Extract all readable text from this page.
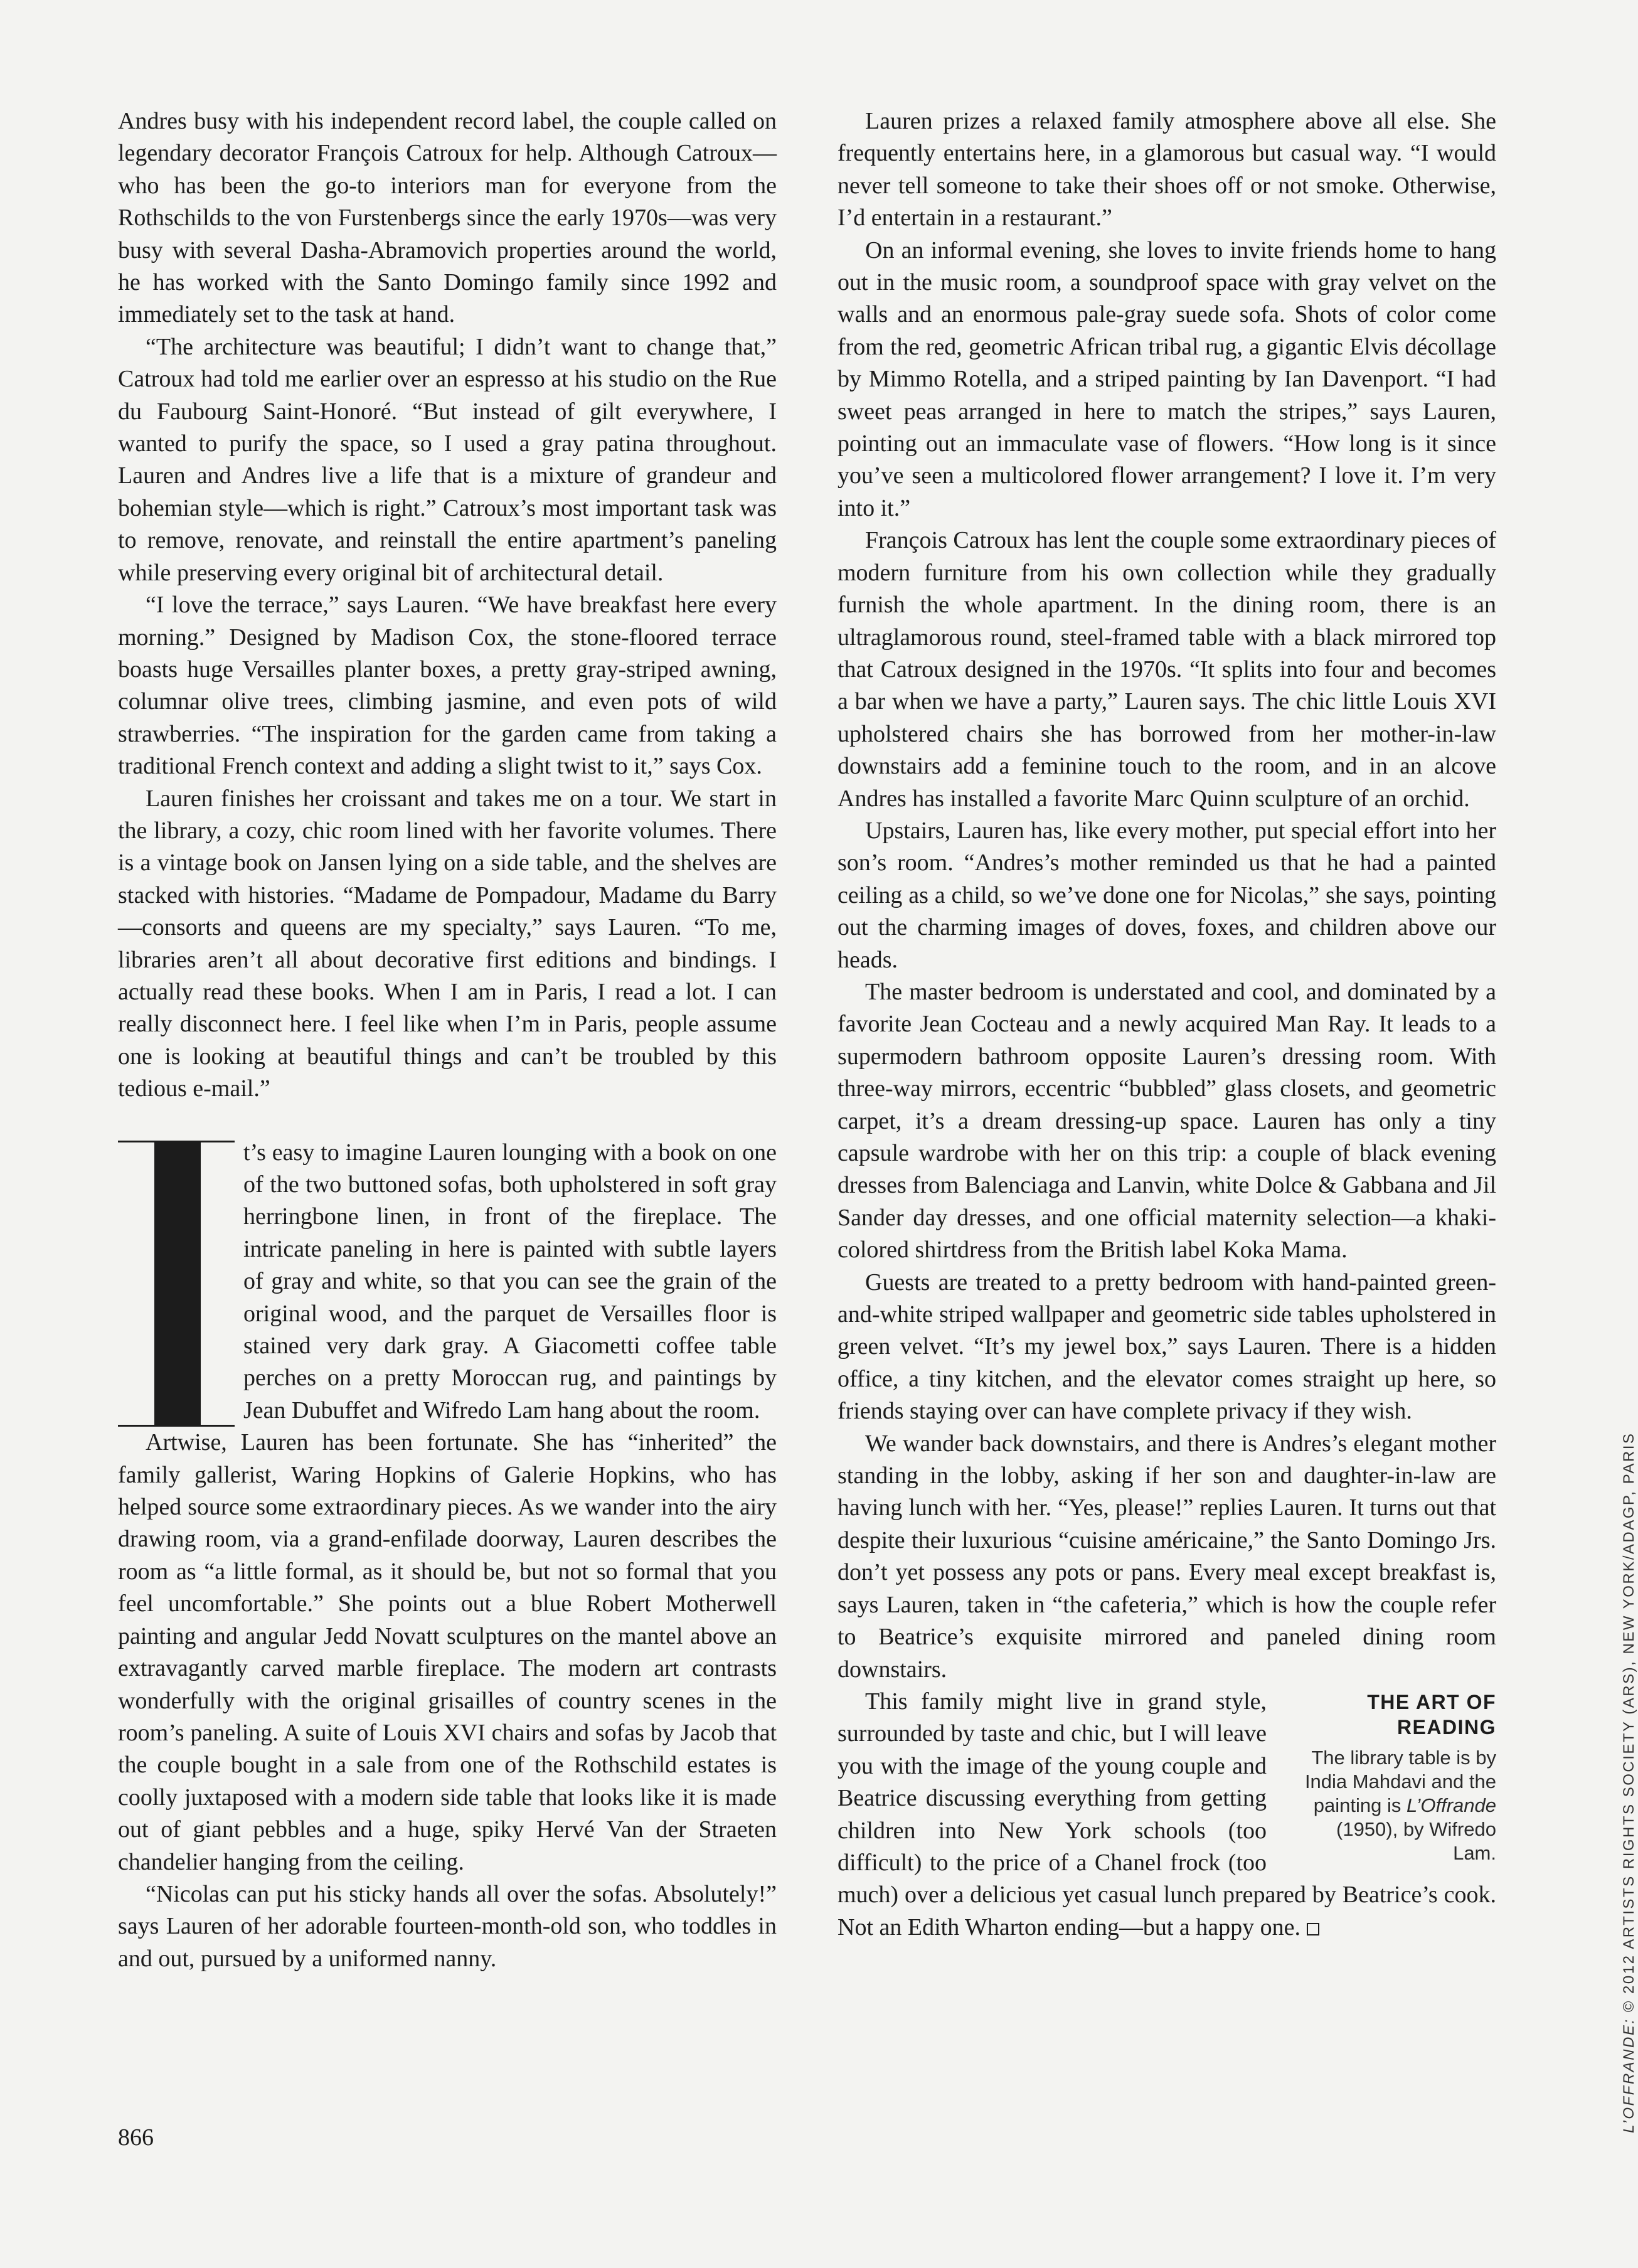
Andres busy with his independent record label, the couple called on legendary decorator François Catroux for help. Although Catroux—who has been the go-to interiors man for everyone from the Rothschilds to the von Furstenbergs since the early 1970s—was very busy with several Dasha-Abramovich properties around the world, he has worked with the Santo Domingo family since 1992 and immediately set to the task at hand.

“The architecture was beautiful; I didn’t want to change that,” Catroux had told me earlier over an espresso at his studio on the Rue du Faubourg Saint-Honoré. “But instead of gilt everywhere, I wanted to purify the space, so I used a gray patina throughout. Lauren and Andres live a life that is a mixture of grandeur and bohemian style—which is right.” Catroux’s most important task was to remove, renovate, and reinstall the entire apartment’s paneling while preserving every original bit of architectural detail.

“I love the terrace,” says Lauren. “We have breakfast here every morning.” Designed by Madison Cox, the stone-floored terrace boasts huge Versailles planter boxes, a pretty gray-striped awning, columnar olive trees, climbing jasmine, and even pots of wild strawberries. “The inspiration for the garden came from taking a traditional French context and adding a slight twist to it,” says Cox.

Lauren finishes her croissant and takes me on a tour. We start in the library, a cozy, chic room lined with her favorite volumes. There is a vintage book on Jansen lying on a side table, and the shelves are stacked with histories. “Madame de Pompadour, Madame du Barry—consorts and queens are my specialty,” says Lauren. “To me, libraries aren’t all about decorative first editions and bindings. I actually read these books. When I am in Paris, I read a lot. I can really disconnect here. I feel like when I’m in Paris, people assume one is looking at beautiful things and can’t be troubled by this tedious e-mail.”

t’s easy to imagine Lauren lounging with a book on one of the two buttoned sofas, both upholstered in soft gray herringbone linen, in front of the fireplace. The intricate paneling in here is painted with subtle layers of gray and white, so that you can see the grain of the original wood, and the parquet de Versailles floor is stained very dark gray. A Giacometti coffee table perches on a pretty Moroccan rug, and paintings by Jean Dubuffet and Wifredo Lam hang about the room.

Artwise, Lauren has been fortunate. She has “inherited” the family gallerist, Waring Hopkins of Galerie Hopkins, who has helped source some extraordinary pieces. As we wander into the airy drawing room, via a grand-enfilade doorway, Lauren describes the room as “a little formal, as it should be, but not so formal that you feel uncomfortable.” She points out a blue Robert Motherwell painting and angular Jedd Novatt sculptures on the mantel above an extravagantly carved marble fireplace. The modern art contrasts wonderfully with the original grisailles of country scenes in the room’s paneling. A suite of Louis XVI chairs and sofas by Jacob that the couple bought in a sale from one of the Rothschild estates is coolly juxtaposed with a modern side table that looks like it is made out of giant pebbles and a huge, spiky Hervé Van der Straeten chandelier hanging from the ceiling.

“Nicolas can put his sticky hands all over the sofas. Absolutely!” says Lauren of her adorable fourteen-month-old son, who toddles in and out, pursued by a uniformed nanny.

Lauren prizes a relaxed family atmosphere above all else. She frequently entertains here, in a glamorous but casual way. “I would never tell someone to take their shoes off or not smoke. Otherwise, I’d entertain in a restaurant.”

On an informal evening, she loves to invite friends home to hang out in the music room, a soundproof space with gray velvet on the walls and an enormous pale-gray suede sofa. Shots of color come from the red, geometric African tribal rug, a gigantic Elvis décollage by Mimmo Rotella, and a striped painting by Ian Davenport. “I had sweet peas arranged in here to match the stripes,” says Lauren, pointing out an immaculate vase of flowers. “How long is it since you’ve seen a multicolored flower arrangement? I love it. I’m very into it.”

François Catroux has lent the couple some extraordinary pieces of modern furniture from his own collection while they gradually furnish the whole apartment. In the dining room, there is an ultraglamorous round, steel-framed table with a black mirrored top that Catroux designed in the 1970s. “It splits into four and becomes a bar when we have a party,” Lauren says. The chic little Louis XVI upholstered chairs she has borrowed from her mother-in-law downstairs add a feminine touch to the room, and in an alcove Andres has installed a favorite Marc Quinn sculpture of an orchid.

Upstairs, Lauren has, like every mother, put special effort into her son’s room. “Andres’s mother reminded us that he had a painted ceiling as a child, so we’ve done one for Nicolas,” she says, pointing out the charming images of doves, foxes, and children above our heads.

The master bedroom is understated and cool, and dominated by a favorite Jean Cocteau and a newly acquired Man Ray. It leads to a supermodern bathroom opposite Lauren’s dressing room. With three-way mirrors, eccentric “bubbled” glass closets, and geometric carpet, it’s a dream dressing-up space. Lauren has only a tiny capsule wardrobe with her on this trip: a couple of black evening dresses from Balenciaga and Lanvin, white Dolce & Gabbana and Jil Sander day dresses, and one official maternity selection—a khaki-colored shirtdress from the British label Koka Mama.

Guests are treated to a pretty bedroom with hand-painted green-and-white striped wallpaper and geometric side tables upholstered in green velvet. “It’s my jewel box,” says Lauren. There is a hidden office, a tiny kitchen, and the elevator comes straight up here, so friends staying over can have complete privacy if they wish.

We wander back downstairs, and there is Andres’s elegant mother standing in the lobby, asking if her son and daughter-in-law are having lunch with her. “Yes, please!” replies Lauren. It turns out that despite their luxurious “cuisine américaine,” the Santo Domingo Jrs. don’t yet possess any pots or pans. Every meal except breakfast is, says Lauren, taken in “the cafeteria,” which is how the couple refer to Beatrice’s exquisite mirrored and paneled dining room downstairs.

THE ART OF READING
The library table is by India Mahdavi and the painting is L’Offrande (1950), by Wifredo Lam.

This family might live in grand style, surrounded by taste and chic, but I will leave you with the image of the young couple and Beatrice discussing everything from getting children into New York schools (too difficult) to the price of a Chanel frock (too much) over a delicious yet casual lunch prepared by Beatrice’s cook. Not an Edith Wharton ending—but a happy one.

866
L’OFFRANDE: © 2012 ARTISTS RIGHTS SOCIETY (ARS), NEW YORK/ADAGP, PARIS
